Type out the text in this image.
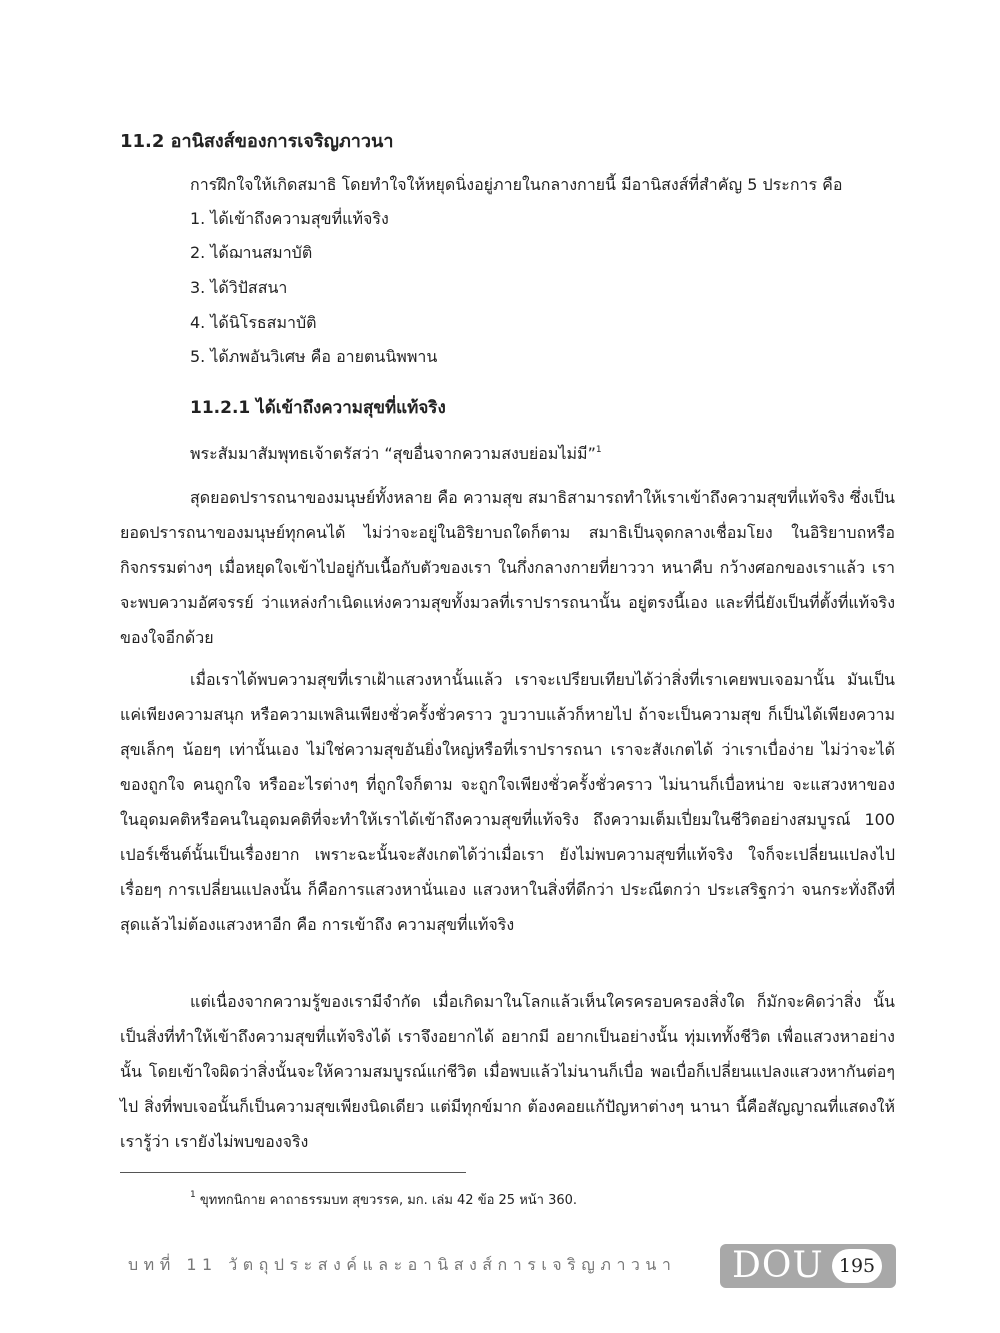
11.2 อานิสงส์ของการเจริญภาวนา
การฝึกใจให้เกิดสมาธิ โดยทำใจให้หยุดนิ่งอยู่ภายในกลางกายนี้ มีอานิสงส์ที่สำคัญ 5 ประการ คือ
1. ได้เข้าถึงความสุขที่แท้จริง
2. ได้ฌานสมาบัติ
3. ได้วิปัสสนา
4. ได้นิโรธสมาบัติ
5. ได้ภพอันวิเศษ คือ อายตนนิพพาน
11.2.1 ได้เข้าถึงความสุขที่แท้จริง
พระสัมมาสัมพุทธเจ้าตรัสว่า “สุขอื่นจากความสงบย่อมไม่มี”$^1$

สุดยอดปรารถนาของมนุษย์ทั้งหลาย คือ ความสุข สมาธิสามารถทำให้เราเข้าถึงความสุขที่แท้จริง ซึ่งเป็นยอดปรารถนาของมนุษย์ทุกคนได้ ไม่ว่าจะอยู่ในอิริยาบถใดก็ตาม สมาธิเป็นจุดกลางเชื่อมโยง ในอิริยาบถหรือกิจกรรมต่างๆ เมื่อหยุดใจเข้าไปอยู่กับเนื้อกับตัวของเรา ในกึ่งกลางกายที่ยาววา หนาคืบ กว้างศอกของเราแล้ว เราจะพบความอัศจรรย์ ว่าแหล่งกำเนิดแห่งความสุขทั้งมวลที่เราปรารถนานั้น อยู่ตรงนี้เอง และที่นี่ยังเป็นที่ตั้งที่แท้จริงของใจอีกด้วย

เมื่อเราได้พบความสุขที่เราเฝ้าแสวงหานั้นแล้ว เราจะเปรียบเทียบได้ว่าสิ่งที่เราเคยพบเจอมานั้น มันเป็นแค่เพียงความสนุก หรือความเพลินเพียงชั่วครั้งชั่วคราว วูบวาบแล้วก็หายไป ถ้าจะเป็นความสุข ก็เป็นได้เพียงความสุขเล็กๆ น้อยๆ เท่านั้นเอง ไม่ใช่ความสุขอันยิ่งใหญ่หรือที่เราปรารถนา เราจะสังเกตได้ ว่าเราเบื่อง่าย ไม่ว่าจะได้ของถูกใจ คนถูกใจ หรืออะไรต่างๆ ที่ถูกใจก็ตาม จะถูกใจเพียงชั่วครั้งชั่วคราว ไม่นานก็เบื่อหน่าย จะแสวงหาของในอุดมคติหรือคนในอุดมคติที่จะทำให้เราได้เข้าถึงความสุขที่แท้จริง ถึงความเต็มเปี่ยมในชีวิตอย่างสมบูรณ์ 100 เปอร์เซ็นต์นั้นเป็นเรื่องยาก เพราะฉะนั้นจะสังเกตได้ว่าเมื่อเรา ยังไม่พบความสุขที่แท้จริง ใจก็จะเปลี่ยนแปลงไปเรื่อยๆ การเปลี่ยนแปลงนั้น ก็คือการแสวงหานั่นเอง แสวงหาในสิ่งที่ดีกว่า ประณีตกว่า ประเสริฐกว่า จนกระทั่งถึงที่สุดแล้วไม่ต้องแสวงหาอีก คือ การเข้าถึง ความสุขที่แท้จริง

แต่เนื่องจากความรู้ของเรามีจำกัด เมื่อเกิดมาในโลกแล้วเห็นใครครอบครองสิ่งใด ก็มักจะคิดว่าสิ่ง นั้นเป็นสิ่งที่ทำให้เข้าถึงความสุขที่แท้จริงได้ เราจึงอยากได้ อยากมี อยากเป็นอย่างนั้น ทุ่มเททั้งชีวิต เพื่อแสวงหาอย่างนั้น โดยเข้าใจผิดว่าสิ่งนั้นจะให้ความสมบูรณ์แก่ชีวิต เมื่อพบแล้วไม่นานก็เบื่อ พอเบื่อก็เปลี่ยนแปลงแสวงหากันต่อๆ ไป สิ่งที่พบเจอนั้นก็เป็นความสุขเพียงนิดเดียว แต่มีทุกข์มาก ต้องคอยแก้ปัญหาต่างๆ นานา นี้คือสัญญาณที่แสดงให้เรารู้ว่า เรายังไม่พบของจริง

$^1$ ขุททกนิกาย คาถาธรรมบท สุขวรรค, มก. เล่ม 42 ข้อ 25 หน้า 360.
บทที่ 11 วัตถุประสงค์และอานิสงส์การเจริญภาวนา DOU 195
